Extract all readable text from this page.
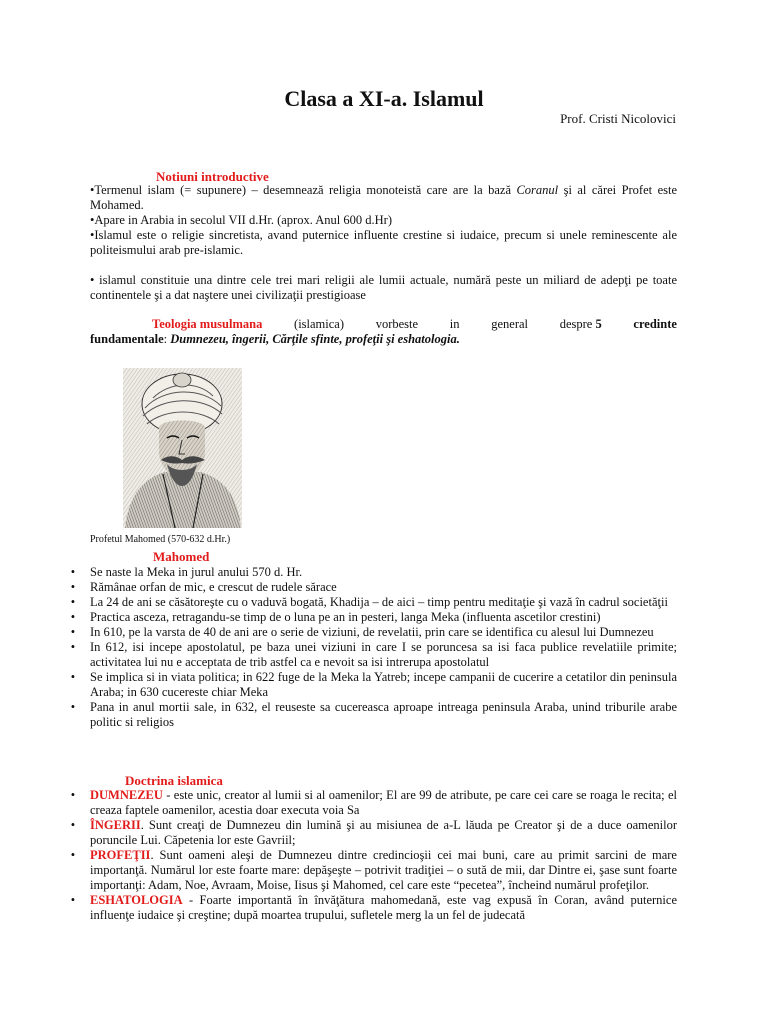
Clasa a XI-a. Islamul
Prof. Cristi Nicolovici
Notiuni introductive

•Termenul islam (= supunere) – desemnează religia monoteistă care are la bază Coranul şi al cărei Profet este Mohamed.

•Apare in Arabia in secolul VII d.Hr. (aprox. Anul 600 d.Hr)

•Islamul este o religie sincretista, avand puternice influente crestine si iudaice, precum si unele reminescente ale politeismului arab pre-islamic.

• islamul constituie una dintre cele trei mari religii ale lumii actuale, numără peste un miliard de adepţi pe toate continentele şi a dat naştere unei civilizaţii prestigioase

Teologia musulmana	(islamica)	vorbeste	in	general	despre 5	credinte
fundamentale: Dumnezeu, îngerii, Cărţile sfinte, profeţii şi eshatologia.
Profetul Mahomed (570-632 d.Hr.)
Mahomed
• Se naste la Meka in jurul anului 570 d. Hr.
• Rămânae orfan de mic, e crescut de rudele sărace
• La 24 de ani se căsătoreşte cu o vaduvă bogată, Khadija – de aici – timp pentru meditaţie şi vază în cadrul societăţii
• Practica asceza, retragandu-se timp de o luna pe an in pesteri, langa Meka (influenta ascetilor crestini)
• In 610, pe la varsta de 40 de ani are o serie de viziuni, de revelatii, prin care se identifica cu alesul lui Dumnezeu
• In 612, isi incepe apostolatul, pe baza unei viziuni in care I se poruncesa sa isi faca publice revelatiile primite; activitatea lui nu e acceptata de trib astfel ca e nevoit sa isi intrerupa apostolatul
• Se implica si in viata politica; in 622 fuge de la Meka la Yatreb; incepe campanii de cucerire a cetatilor din peninsula Araba; in 630 cucereste chiar Meka
• Pana in anul mortii sale, in 632, el reuseste sa cucereasca aproape intreaga peninsula Araba, unind triburile arabe politic si religios
Doctrina islamica
• DUMNEZEU - este unic, creator al lumii si al oamenilor; El are 99 de atribute, pe care cei care se roaga le recita; el creaza faptele oamenilor, acestia doar executa voia Sa
• ÎNGERII. Sunt creaţi de Dumnezeu din lumină şi au misiunea de a-L lăuda pe Creator şi de a duce oamenilor poruncile Lui. Căpetenia lor este Gavriil;
• PROFEŢII. Sunt oameni aleşi de Dumnezeu dintre credincioşii cei mai buni, care au primit sarcini de mare importanţă. Numărul lor este foarte mare: depăşeşte – potrivit tradiţiei – o sută de mii, dar Dintre ei, şase sunt foarte importanţi: Adam, Noe, Avraam, Moise, Iisus şi Mahomed, cel care este “pecetea”, încheind numărul profeţilor.
• ESHATOLOGIA - Foarte importantă în învăţătura mahomedană, este vag expusă în Coran, având puternice influenţe iudaice şi creştine; după moartea trupului, sufletele merg la un fel de judecată
